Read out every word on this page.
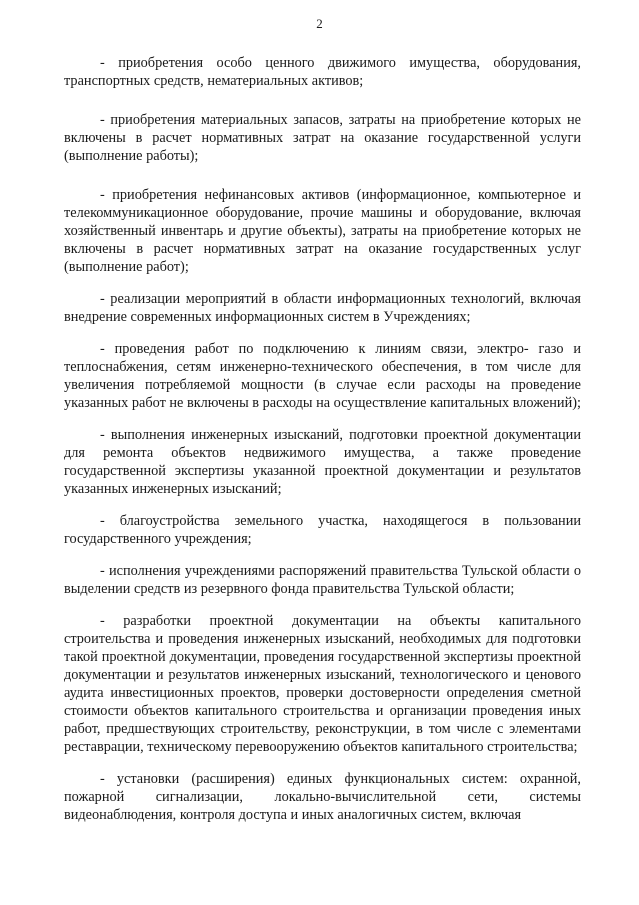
2

- приобретения особо ценного движимого имущества, оборудования, транспортных средств, нематериальных активов;

- приобретения материальных запасов, затраты на приобретение которых не включены в расчет нормативных затрат на оказание государственной услуги (выполнение работы);

- приобретения нефинансовых активов (информационное, компьютерное и телекоммуникационное оборудование, прочие машины и оборудование, включая хозяйственный инвентарь и другие объекты), затраты на приобретение которых не включены в расчет нормативных затрат на оказание государственных услуг (выполнение работ);

- реализации мероприятий в области информационных технологий, включая внедрение современных информационных систем в Учреждениях;

- проведения работ по подключению к линиям связи, электро- газо и теплоснабжения, сетям инженерно-технического обеспечения, в том числе для увеличения потребляемой мощности (в случае если расходы на проведение указанных работ не включены в расходы на осуществление капитальных вложений);

- выполнения инженерных изысканий, подготовки проектной документации для ремонта объектов недвижимого имущества, а также проведение государственной экспертизы указанной проектной документации и результатов указанных инженерных изысканий;

- благоустройства земельного участка, находящегося в пользовании государственного учреждения;

- исполнения учреждениями распоряжений правительства Тульской области о выделении средств из резервного фонда правительства Тульской области;

- разработки проектной документации на объекты капитального строительства и проведения инженерных изысканий, необходимых для подготовки такой проектной документации, проведения государственной экспертизы проектной документации и результатов инженерных изысканий, технологического и ценового аудита инвестиционных проектов, проверки достоверности определения сметной стоимости объектов капитального строительства и организации проведения иных работ, предшествующих строительству, реконструкции, в том числе с элементами реставрации, техническому перевооружению объектов капитального строительства;

- установки (расширения) единых функциональных систем: охранной, пожарной сигнализации, локально-вычислительной сети, системы видеонаблюдения, контроля доступа и иных аналогичных систем, включая
